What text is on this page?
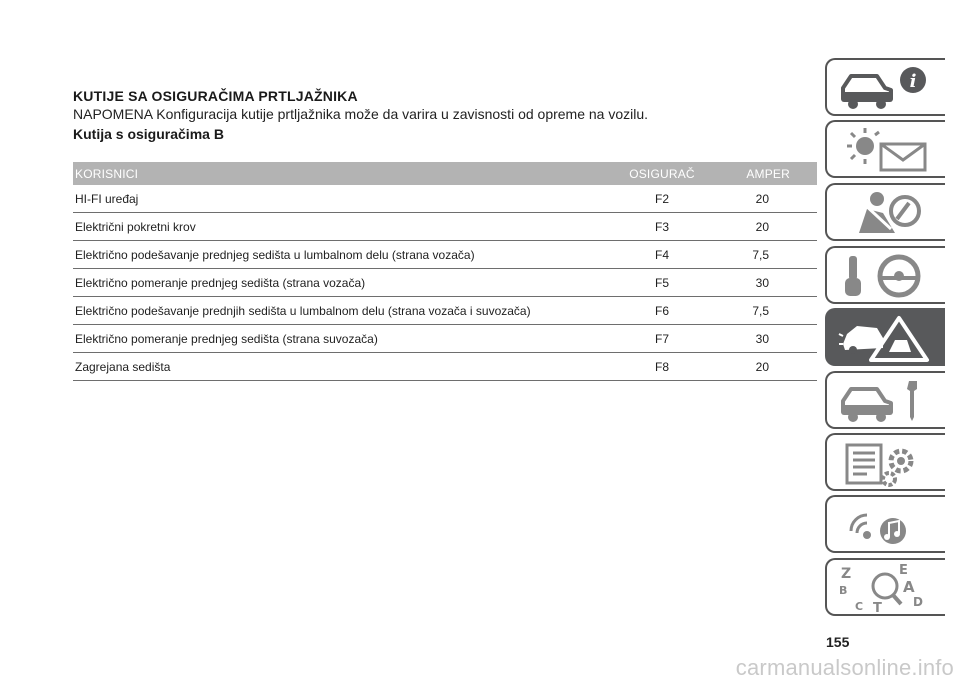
KUTIJE SA OSIGURAČIMA PRTLJAŽNIKA
NAPOMENA Konfiguracija kutije prtljažnika može da varira u zavisnosti od opreme na vozilu.
Kutija s osiguračima B
KORISNICI	OSIGURAČ	AMPER
HI-FI uređaj	F2	20
Električni pokretni krov	F3	20
Električno podešavanje prednjeg sedišta u lumbalnom delu (strana vozača)	F4	7,5
Električno pomeranje prednjeg sedišta (strana vozača)	F5	30
Električno podešavanje prednjih sedišta u lumbalnom delu (strana vozača i suvozača)	F6	7,5
Električno pomeranje prednjeg sedišta (strana suvozača)	F7	30
Zagrejana sedišta	F8	20
i
Z	E
B	A
C	D
T
155
carmanualsonline.info
